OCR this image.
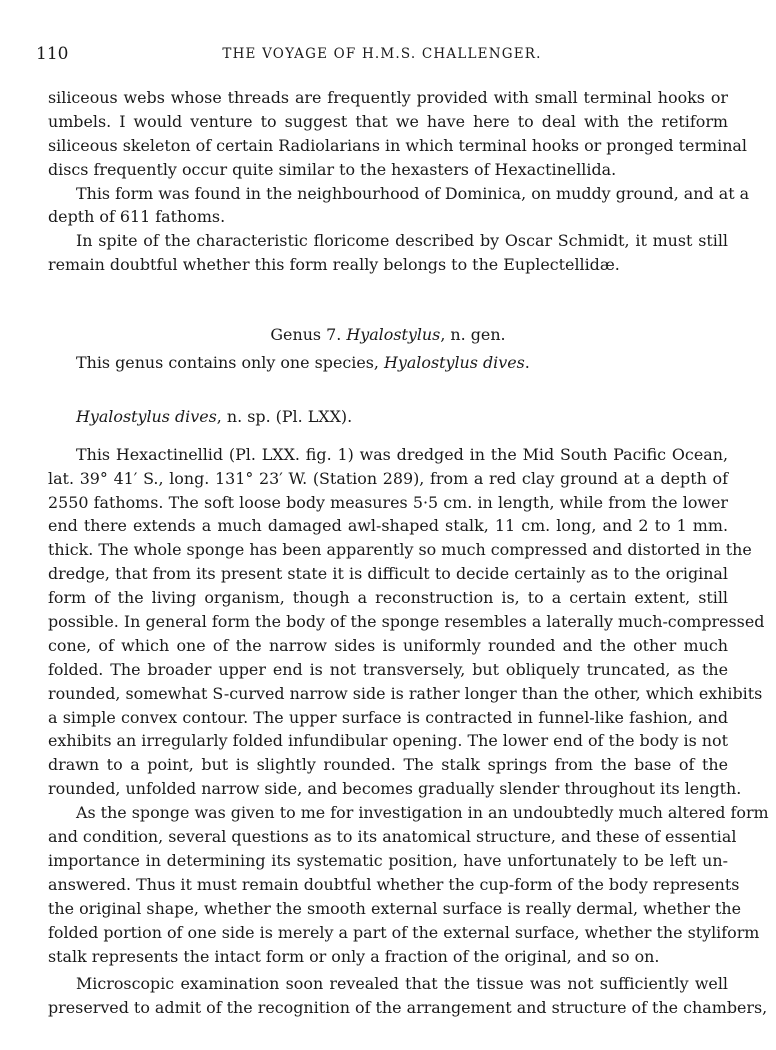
110	THE VOYAGE OF H.M.S. CHALLENGER.
siliceous webs whose threads are frequently provided with small terminal hooks or
umbels. I would venture to suggest that we have here to deal with the retiform
siliceous skeleton of certain Radiolarians in which terminal hooks or pronged terminal
discs frequently occur quite similar to the hexasters of Hexactinellida.
This form was found in the neighbourhood of Dominica, on muddy ground, and at a
depth of 611 fathoms.
In spite of the characteristic floricome described by Oscar Schmidt, it must still
remain doubtful whether this form really belongs to the Euplectellidæ.
Genus 7. Hyalostylus, n. gen.
This genus contains only one species, Hyalostylus dives.
Hyalostylus dives, n. sp. (Pl. LXX).
This Hexactinellid (Pl. LXX. fig. 1) was dredged in the Mid South Pacific Ocean,
lat. 39° 41′ S., long. 131° 23′ W. (Station 289), from a red clay ground at a depth of
2550 fathoms. The soft loose body measures 5·5 cm. in length, while from the lower
end there extends a much damaged awl-shaped stalk, 11 cm. long, and 2 to 1 mm.
thick. The whole sponge has been apparently so much compressed and distorted in the
dredge, that from its present state it is difficult to decide certainly as to the original
form of the living organism, though a reconstruction is, to a certain extent, still
possible. In general form the body of the sponge resembles a laterally much-compressed
cone, of which one of the narrow sides is uniformly rounded and the other much
folded. The broader upper end is not transversely, but obliquely truncated, as the
rounded, somewhat S-curved narrow side is rather longer than the other, which exhibits
a simple convex contour. The upper surface is contracted in funnel-like fashion, and
exhibits an irregularly folded infundibular opening. The lower end of the body is not
drawn to a point, but is slightly rounded. The stalk springs from the base of the
rounded, unfolded narrow side, and becomes gradually slender throughout its length.
As the sponge was given to me for investigation in an undoubtedly much altered form
and condition, several questions as to its anatomical structure, and these of essential
importance in determining its systematic position, have unfortunately to be left un-
answered. Thus it must remain doubtful whether the cup-form of the body represents
the original shape, whether the smooth external surface is really dermal, whether the
folded portion of one side is merely a part of the external surface, whether the styliform
stalk represents the intact form or only a fraction of the original, and so on.
Microscopic examination soon revealed that the tissue was not sufficiently well
preserved to admit of the recognition of the arrangement and structure of the chambers,
